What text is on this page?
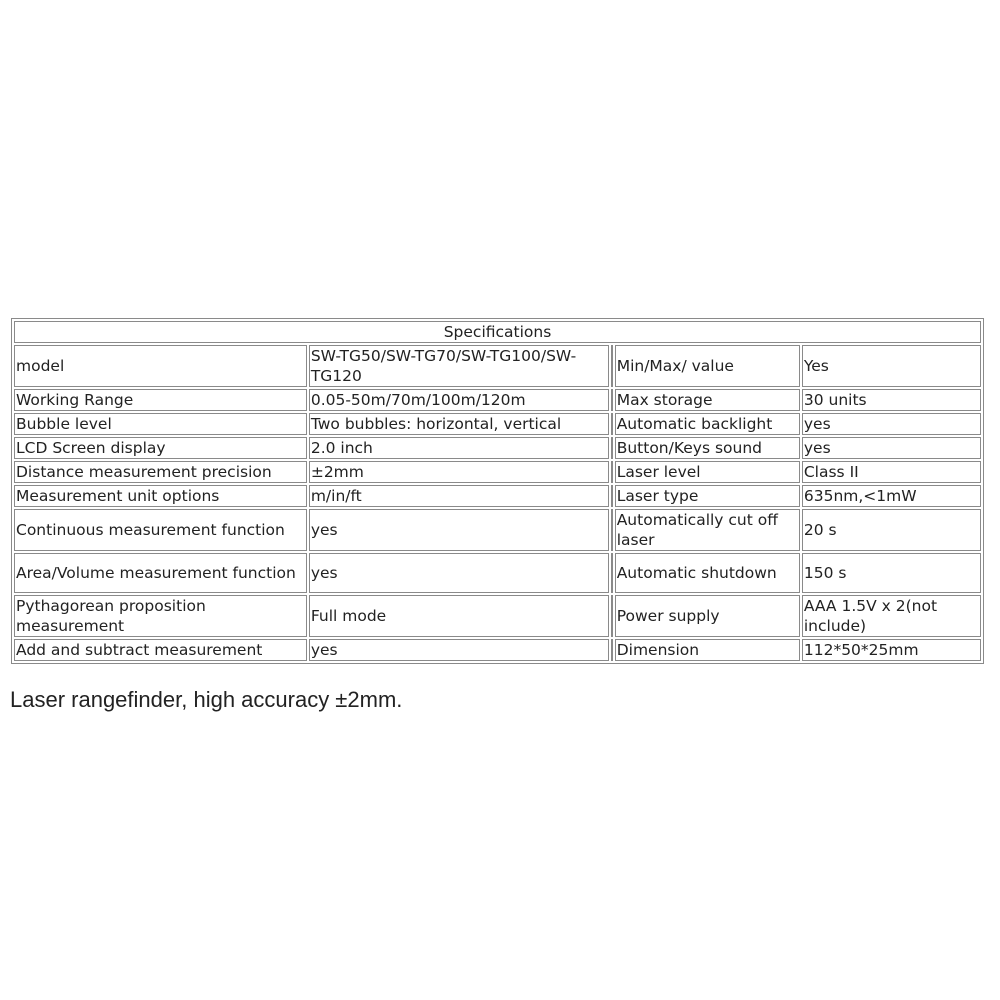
Specifications				
model	SW-TG50/SW-TG70/SW-TG100/SW-TG120		Min/Max/ value	Yes
Working Range	0.05-50m/70m/100m/120m		Max storage	30 units
Bubble level	Two bubbles: horizontal, vertical		Automatic backlight	yes
LCD Screen display	2.0 inch		Button/Keys sound	yes
Distance measurement precision	±2mm		Laser level	Class II
Measurement unit options	m/in/ft		Laser type	635nm,<1mW
Continuous measurement function	yes		Automatically cut off laser	20 s
Area/Volume measurement function	yes		Automatic shutdown	150 s
Pythagorean proposition measurement	Full mode		Power supply	AAA 1.5V x 2(not include)
Add and subtract measurement	yes		Dimension	112*50*25mm
Laser rangefinder, high accuracy ±2mm.
